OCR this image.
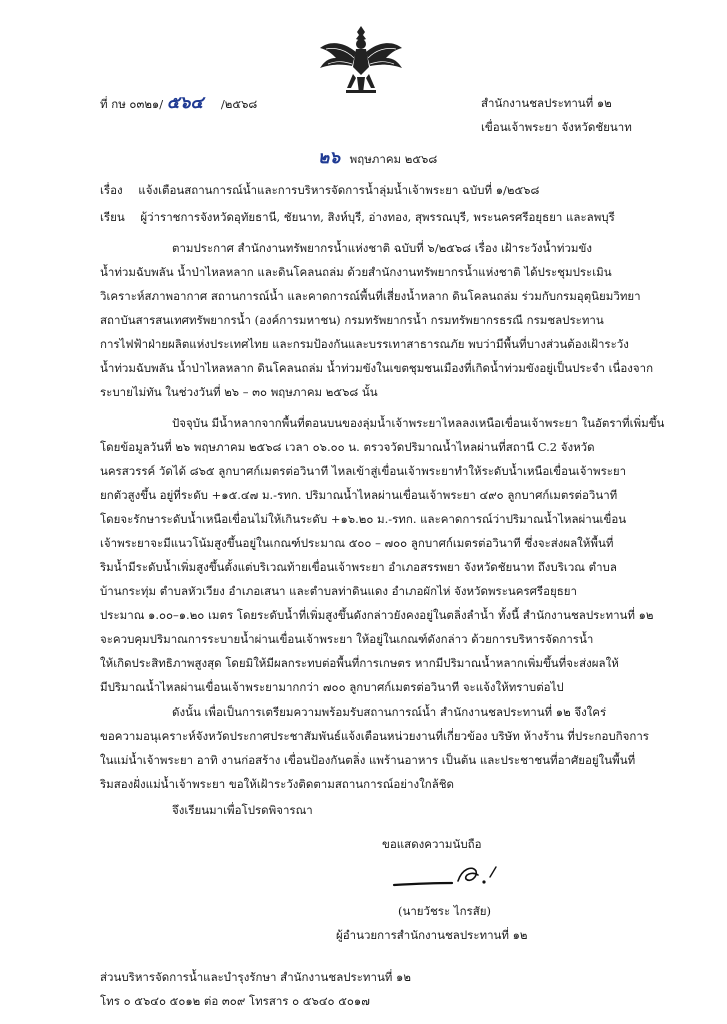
ที่ กษ ๐๓๒๑/ ๕๖๔ /๒๕๖๘	สำนักงานชลประทานที่ ๑๒
เขื่อนเจ้าพระยา จังหวัดชัยนาท
๒๖ พฤษภาคม ๒๕๖๘
เรื่อง แจ้งเตือนสถานการณ์น้ำและการบริหารจัดการน้ำลุ่มน้ำเจ้าพระยา ฉบับที่ ๑/๒๕๖๘
เรียน ผู้ว่าราชการจังหวัดอุทัยธานี, ชัยนาท, สิงห์บุรี, อ่างทอง, สุพรรณบุรี, พระนครศรีอยุธยา และลพบุรี
ตามประกาศ สำนักงานทรัพยากรน้ำแห่งชาติ ฉบับที่ ๖/๒๕๖๘ เรื่อง เฝ้าระวังน้ำท่วมขัง
น้ำท่วมฉับพลัน น้ำป่าไหลหลาก และดินโคลนถล่ม ด้วยสำนักงานทรัพยากรน้ำแห่งชาติ ได้ประชุมประเมิน
วิเคราะห์สภาพอากาศ สถานการณ์น้ำ และคาดการณ์พื้นที่เสี่ยงน้ำหลาก ดินโคลนถล่ม ร่วมกับกรมอุตุนิยมวิทยา
สถาบันสารสนเทศทรัพยากรน้ำ (องค์การมหาชน) กรมทรัพยากรน้ำ กรมทรัพยากรธรณี กรมชลประทาน
การไฟฟ้าฝ่ายผลิตแห่งประเทศไทย และกรมป้องกันและบรรเทาสาธารณภัย พบว่ามีพื้นที่บางส่วนต้องเฝ้าระวัง
น้ำท่วมฉับพลัน น้ำป่าไหลหลาก ดินโคลนถล่ม น้ำท่วมขังในเขตชุมชนเมืองที่เกิดน้ำท่วมขังอยู่เป็นประจำ เนื่องจาก
ระบายไม่ทัน ในช่วงวันที่ ๒๖ – ๓๐ พฤษภาคม ๒๕๖๘ นั้น
ปัจจุบัน มีน้ำหลากจากพื้นที่ตอนบนของลุ่มน้ำเจ้าพระยาไหลลงเหนือเขื่อนเจ้าพระยา ในอัตราที่เพิ่มขึ้น
โดยข้อมูลวันที่ ๒๖ พฤษภาคม ๒๕๖๘ เวลา ๐๖.๐๐ น. ตรวจวัดปริมาณน้ำไหลผ่านที่สถานี C.2 จังหวัด
นครสวรรค์ วัดได้ ๘๖๕ ลูกบาศก์เมตรต่อวินาที ไหลเข้าสู่เขื่อนเจ้าพระยาทำให้ระดับน้ำเหนือเขื่อนเจ้าพระยา
ยกตัวสูงขึ้น อยู่ที่ระดับ +๑๕.๔๗ ม.-รทก. ปริมาณน้ำไหลผ่านเขื่อนเจ้าพระยา ๔๙๐ ลูกบาศก์เมตรต่อวินาที
โดยจะรักษาระดับน้ำเหนือเขื่อนไม่ให้เกินระดับ +๑๖.๒๐ ม.-รทก. และคาดการณ์ว่าปริมาณน้ำไหลผ่านเขื่อน
เจ้าพระยาจะมีแนวโน้มสูงขึ้นอยู่ในเกณฑ์ประมาณ ๕๐๐ – ๗๐๐ ลูกบาศก์เมตรต่อวินาที ซึ่งจะส่งผลให้พื้นที่
ริมน้ำมีระดับน้ำเพิ่มสูงขึ้นตั้งแต่บริเวณท้ายเขื่อนเจ้าพระยา อำเภอสรรพยา จังหวัดชัยนาท ถึงบริเวณ ตำบล
บ้านกระทุ่ม ตำบลหัวเวียง อำเภอเสนา และตำบลท่าดินแดง อำเภอผักไห่ จังหวัดพระนครศรีอยุธยา
ประมาณ ๑.๐๐–๑.๒๐ เมตร โดยระดับน้ำที่เพิ่มสูงขึ้นดังกล่าวยังคงอยู่ในตลิ่งลำน้ำ ทั้งนี้ สำนักงานชลประทานที่ ๑๒
จะควบคุมปริมาณการระบายน้ำผ่านเขื่อนเจ้าพระยา ให้อยู่ในเกณฑ์ดังกล่าว ด้วยการบริหารจัดการน้ำ
ให้เกิดประสิทธิภาพสูงสุด โดยมิให้มีผลกระทบต่อพื้นที่การเกษตร หากมีปริมาณน้ำหลากเพิ่มขึ้นที่จะส่งผลให้
มีปริมาณน้ำไหลผ่านเขื่อนเจ้าพระยามากกว่า ๗๐๐ ลูกบาศก์เมตรต่อวินาที จะแจ้งให้ทราบต่อไป
ดังนั้น เพื่อเป็นการเตรียมความพร้อมรับสถานการณ์น้ำ สำนักงานชลประทานที่ ๑๒ จึงใคร่
ขอความอนุเคราะห์จังหวัดประกาศประชาสัมพันธ์แจ้งเตือนหน่วยงานที่เกี่ยวข้อง บริษัท ห้างร้าน ที่ประกอบกิจการ
ในแม่น้ำเจ้าพระยา อาทิ งานก่อสร้าง เขื่อนป้องกันตลิ่ง แพร้านอาหาร เป็นต้น และประชาชนที่อาศัยอยู่ในพื้นที่
ริมสองฝั่งแม่น้ำเจ้าพระยา ขอให้เฝ้าระวังติดตามสถานการณ์อย่างใกล้ชิด
จึงเรียนมาเพื่อโปรดพิจารณา
ขอแสดงความนับถือ
(นายวัชระ ไกรสัย)
ผู้อำนวยการสำนักงานชลประทานที่ ๑๒
ส่วนบริหารจัดการน้ำและบำรุงรักษา สำนักงานชลประทานที่ ๑๒
โทร ๐ ๕๖๔๐ ๕๐๑๒ ต่อ ๓๐๙ โทรสาร ๐ ๕๖๔๐ ๕๐๑๗
